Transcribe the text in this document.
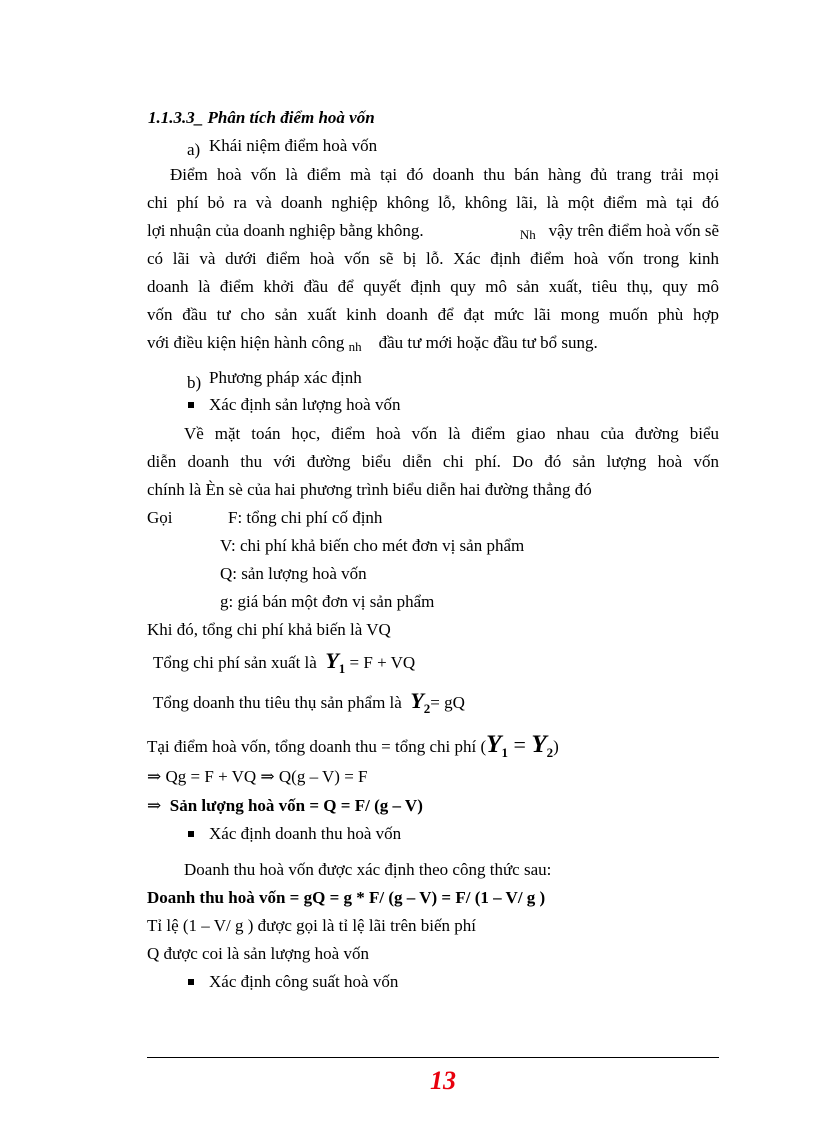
1.1.3.3_ Phân tích điểm hoà vốn
a) Khái niệm điểm hoà vốn
Điểm hoà vốn là điểm mà tại đó doanh thu bán hàng đủ trang trải mọi
chi phí bỏ ra và doanh nghiệp không lỗ, không lãi, là một điểm mà tại đó
lợi nhuận của doanh nghiệp bằng không.	Nh vậy trên điểm hoà vốn sẽ
có lãi và dưới điểm hoà vốn sẽ bị lỗ. Xác định điểm hoà vốn trong kinh
doanh là điểm khởi đầu để quyết định quy mô sản xuất, tiêu thụ, quy mô
vốn đầu tư cho sản xuất kinh doanh để đạt mức lãi mong muốn phù hợp
với điều kiện hiện hành công nh đầu tư mới hoặc đầu tư bổ sung.
b) Phương pháp xác định
Xác định sản lượng hoà vốn
Về mặt toán học, điểm hoà vốn là điểm giao nhau của đường biểu
diễn doanh thu với đường biểu diễn chi phí. Do đó sản lượng hoà vốn
chính là Èn sè của hai phương trình biểu diễn hai đường thẳng đó
Gọi	F: tổng chi phí cố định
V: chi phí khả biến cho mét đơn vị sản phẩm
Q: sản lượng hoà vốn
g: giá bán một đơn vị sản phẩm
Khi đó, tổng chi phí khả biến là VQ
Tổng chi phí sản xuất là $Y_1 = F$ + VQ
Tổng doanh thu tiêu thụ sản phẩm là $Y_2=$ gQ
Tại điểm hoà vốn, tổng doanh thu = tổng chi phí $(Y_1 = Y_2)$
⇒ Qg = F + VQ ⇒ Q(g – V) = F
⇒ Sản lượng hoà vốn = Q = F/ (g – V)
Xác định doanh thu hoà vốn
Doanh thu hoà vốn được xác định theo công thức sau:
Doanh thu hoà vốn = gQ = g * F/ (g – V) = F/ (1 – V/ g )
Tỉ lệ (1 – V/ g ) được gọi là tỉ lệ lãi trên biến phí
Q được coi là sản lượng hoà vốn
Xác định công suất hoà vốn
13
